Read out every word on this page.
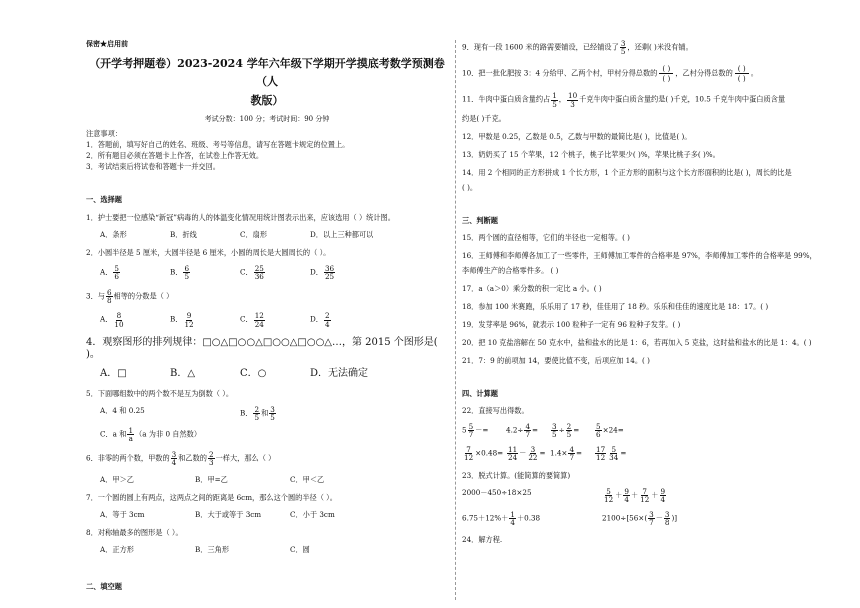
保密★启用前
（开学考押题卷）2023-2024 学年六年级下学期开学摸底考数学预测卷（人
教版）
考试分数：100 分；考试时间：90 分钟
注意事项：
1．答题前，填写好自己的姓名、班级、考号等信息，请写在答题卡规定的位置上。
2．所有题目必须在答题卡上作答，在试卷上作答无效。
3．考试结束后将试卷和答题卡一并交回。
一、选择题
1．护士要把一位感染“新冠”病毒的人的体温变化情况用统计图表示出来，应该选用（ ）统计图。
A．条形	B．折线	C．扇形	D．以上三种都可以
2．小圆半径是 5 厘米，大圆半径是 6 厘米，小圆的周长是大圆周长的（ ）。
A． $\frac{5}{6}$	B． $\frac{6}{5}$	C． $\frac{25}{36}$	D． $\frac{36}{25}$
3．与 $\frac{6}{8}$ 相等的分数是（ ）
A． $\frac{8}{10}$	B． $\frac{9}{12}$	C． $\frac{12}{24}$	D． $\frac{2}{4}$
4．观察图形的排列规律：□○△□○○△□○○△□○○△…，第 2015 个图形是( )。
A．□	B．△	C．○	D．无法确定
5．下面哪组数中的两个数不是互为倒数（ ）。
A．4 和 0.25	B． $\frac{2}{5}$ 和 $\frac{3}{5}$
C．a 和 $\frac{1}{a} (a$ 为非 0 自然数）
6．非零的两个数，甲数的 $\frac{3}{4}$ 和乙数的 $\frac{2}{3}$ 一样大，那么（ ）
A．甲＞乙	B．甲=乙	C．甲＜乙
7．一个圆的圆上有两点，这两点之间的距离是 6cm，那么这个圆的半径（ ）。
A．等于 3cm	B．大于或等于 3cm	C．小于 3cm
8．对称轴最多的图形是（ ）。
A．正方形	B．三角形	C．圆
二、填空题
9．现有一段 1600 米的路需要铺设，已经铺设了 $\frac{3}{5}$ ，还剩( )米没有铺。
10．把一批化肥按 3：4 分给甲、乙两个村，甲村分得总数的 ( )
( )
，乙村分得总数的 ( )
( )
。
11．牛肉中蛋白质含量约占 $\frac{1}{5}$ ， $\frac{10}{3}$ 千克牛肉中蛋白质含量约是( )千克，10.5 千克牛肉中蛋白质含量
约是( )千克。
12．甲数是 0.25，乙数是 0.5，乙数与甲数的最简比是( )，比值是( )。
13．奶奶买了 15 个苹果，12 个桃子，桃子比苹果少( )%，苹果比桃子多( )%。
14．用 2 个相同的正方形拼成 1 个长方形，1 个正方形的面积与这个长方形面积的比是( )，周长的比是
( )。
三、判断题
15．两个圆的直径相等，它们的半径也一定相等。( )
16．王师傅和李师傅各加工了一些零件，王师傅加工零件的合格率是 97%，李师傅加工零件的合格率是 99%，
李师傅生产的合格零件多。 ( )
17．a（a＞0）乘分数的积一定比 a 小。( )
18．参加 100 米赛跑，乐乐用了 17 秒，佳佳用了 18 秒。乐乐和佳佳的速度比是 18：17。( )
19．发芽率是 96%，就表示 100 粒种子一定有 96 粒种子发芽。( )
20．把 10 克盐溶解在 50 克水中，盐和盐水的比是 1：6，若再加入 5 克盐，这时盐和盐水的比是 1：4。( )
21．7：9 的前项加 14，要使比值不变，后项应加 14。( )
四、计算题
22．直接写出得数。
$5 \frac{5}{7}$ －=	$4.2\div \frac{4}{7}$ =	$\frac{3}{5} \div \frac{2}{5}$ =	$\frac{5}{6} \times 24=$
$\frac{7}{12} \times 0.48= \frac{11}{24} - \frac{3}{22} = 1.4\times \frac{4}{7}$ =	$\frac{17}{12} \frac{5}{34}$ =
23．脱式计算。(能简算的要简算)
2000－450÷18×25	$\frac{5}{12} + \frac{9}{4} + \frac{7}{12} + \frac{9}{4}$
$6.75+12\%+ \frac{1}{4} +0.38$	$2100\div[56\times( \frac{3}{7} - \frac{3}{8}$ )]
24．解方程.
